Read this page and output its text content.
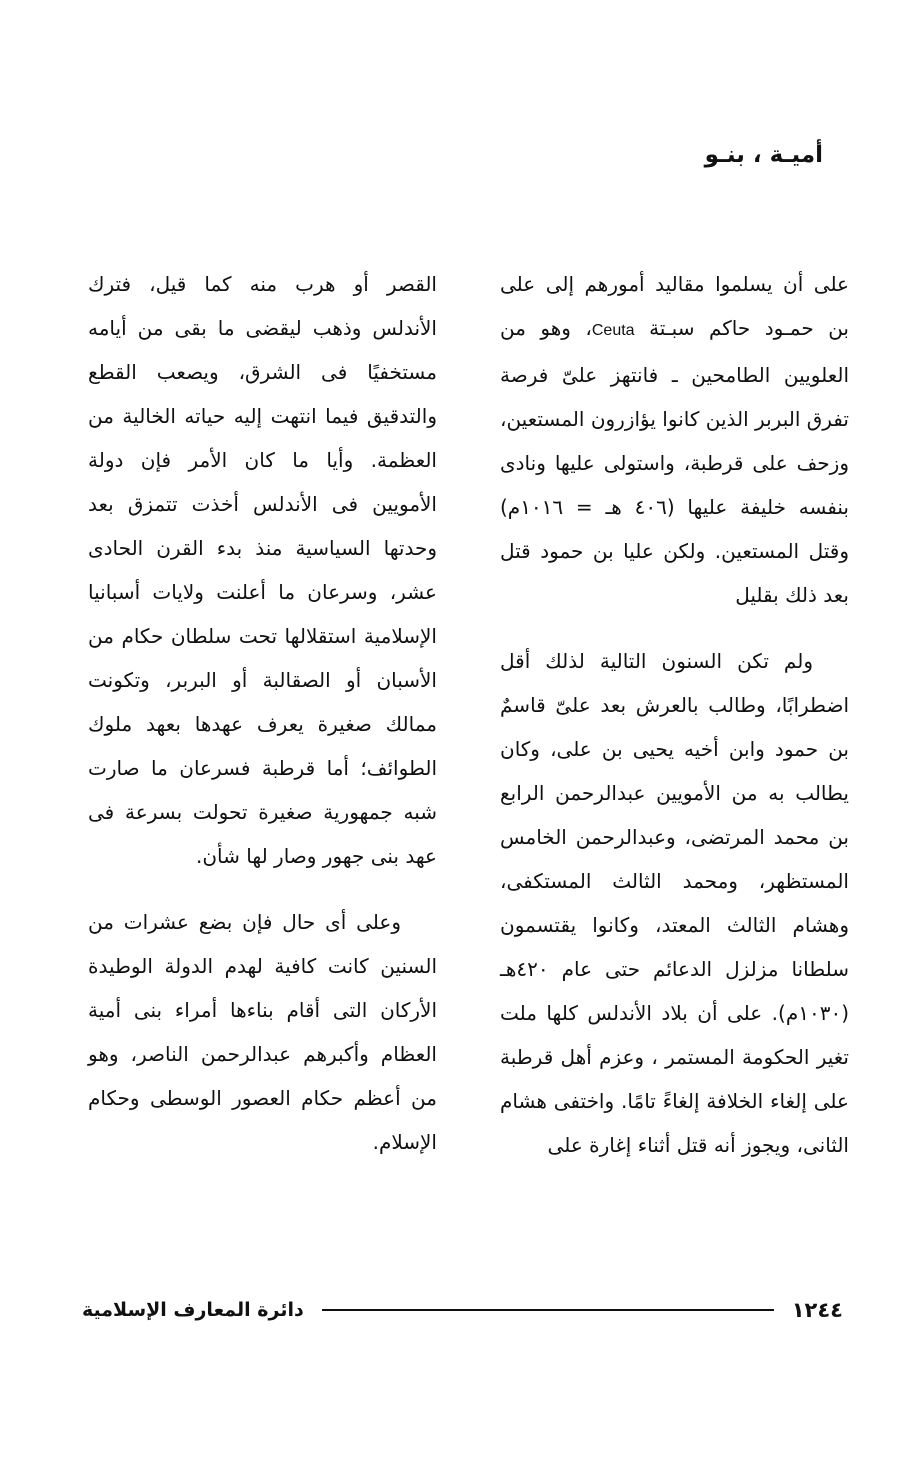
أميـة ، بنـو

على أن يسلموا مقاليد أمورهم إلى على بن حمـود حاكم سبـتة Ceuta، وهو من العلويين الطامحين ـ فانتهز علىّ فرصة تفرق البربر الذين كانوا يؤازرون المستعين، وزحف على قرطبة، واستولى عليها ونادى بنفسه خليفة عليها (٤٠٦ هـ = ١٠١٦م) وقتل المستعين. ولكن عليا بن حمود قتل بعد ذلك بقليل

ولم تكن السنون التالية لذلك أقل اضطرابًا، وطالب بالعرش بعد علىّ قاسمٌ بن حمود وابن أخيه يحيى بن على، وكان يطالب به من الأمويين عبدالرحمن الرابع بن محمد المرتضى، وعبدالرحمن الخامس المستظهر، ومحمد الثالث المستكفى، وهشام الثالث المعتد، وكانوا يقتسمون سلطانا مزلزل الدعائم حتى عام ٤٢٠هـ (١٠٣٠م). على أن بلاد الأندلس كلها ملت تغير الحكومة المستمر ، وعزم أهل قرطبة على إلغاء الخلافة إلغاءً تامًا. واختفى هشام الثانى، ويجوز أنه قتل أثناء إغارة على

القصر أو هرب منه كما قيل، فترك الأندلس وذهب ليقضى ما بقى من أيامه مستخفيًا فى الشرق، ويصعب القطع والتدقيق فيما انتهت إليه حياته الخالية من العظمة. وأيا ما كان الأمر فإن دولة الأمويين فى الأندلس أخذت تتمزق بعد وحدتها السياسية منذ بدء القرن الحادى عشر، وسرعان ما أعلنت ولايات أسبانيا الإسلامية استقلالها تحت سلطان حكام من الأسبان أو الصقالبة أو البربر، وتكونت ممالك صغيرة يعرف عهدها بعهد ملوك الطوائف؛ أما قرطبة فسرعان ما صارت شبه جمهورية صغيرة تحولت بسرعة فى عهد بنى جهور وصار لها شأن.

وعلى أى حال فإن بضع عشرات من السنين كانت كافية لهدم الدولة الوطيدة الأركان التى أقام بناءها أمراء بنى أمية العظام وأكبرهم عبدالرحمن الناصر، وهو من أعظم حكام العصور الوسطى وحكام الإسلام.

دائرة المعارف الإسلامية	١٢٤٤
